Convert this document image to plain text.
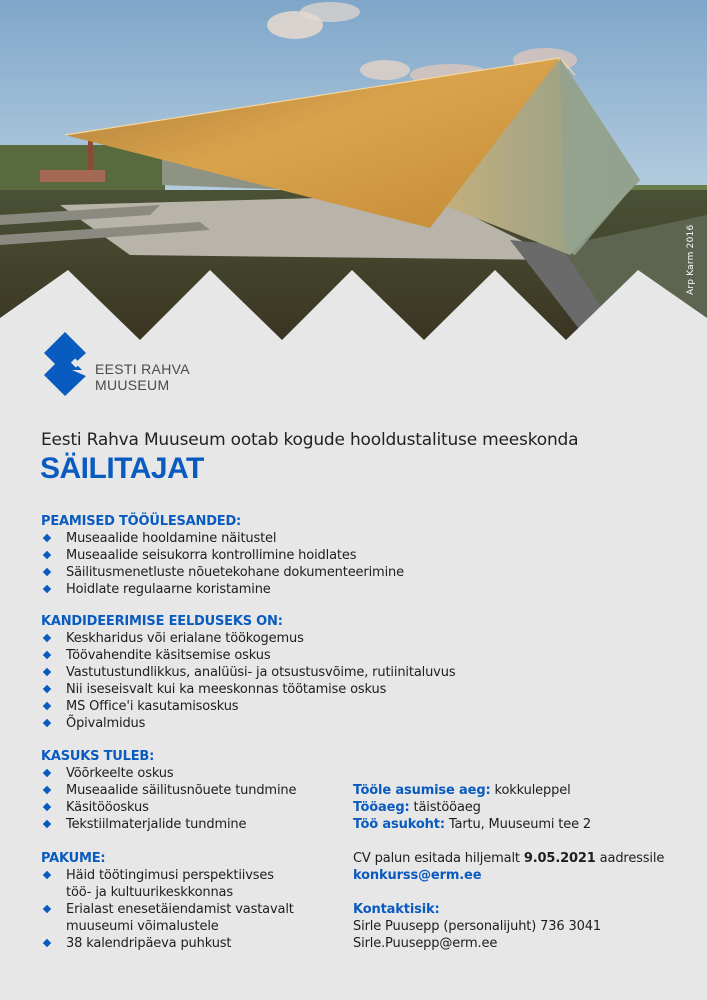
Arp Karm 2016
EESTI RAHVA
MUUSEUM
Eesti Rahva Muuseum ootab kogude hooldustalituse meeskonda
SÄILITAJAT
PEAMISED TÖÖÜLESANDED:
Museaalide hooldamine näitustel
Museaalide seisukorra kontrollimine hoidlates
Säilitusmenetluste nõuetekohane dokumenteerimine
Hoidlate regulaarne koristamine
KANDIDEERIMISE EELDUSEKS ON:
Keskharidus või erialane töökogemus
Töövahendite käsitsemise oskus
Vastutustundlikkus, analüüsi- ja otsustusvõime, rutiinitaluvus
Nii iseseisvalt kui ka meeskonnas töötamise oskus
MS Office'i kasutamisoskus
Õpivalmidus
KASUKS TULEB:
Võõrkeelte oskus
Museaalide säilitusnõuete tundmine
Käsitööoskus
Tekstiilmaterjalide tundmine
PAKUME:
Häid töötingimusi perspektiivses
töö- ja kultuurikeskkonnas
Erialast enesetäiendamist vastavalt
muuseumi võimalustele
38 kalendripäeva puhkust
Tööle asumise aeg: kokkuleppel
Tööaeg: täistööaeg
Töö asukoht: Tartu, Muuseumi tee 2
CV palun esitada hiljemalt 9.05.2021 aadressile
konkurss@erm.ee
Kontaktisik:
Sirle Puusepp (personalijuht) 736 3041
Sirle.Puusepp@erm.ee
